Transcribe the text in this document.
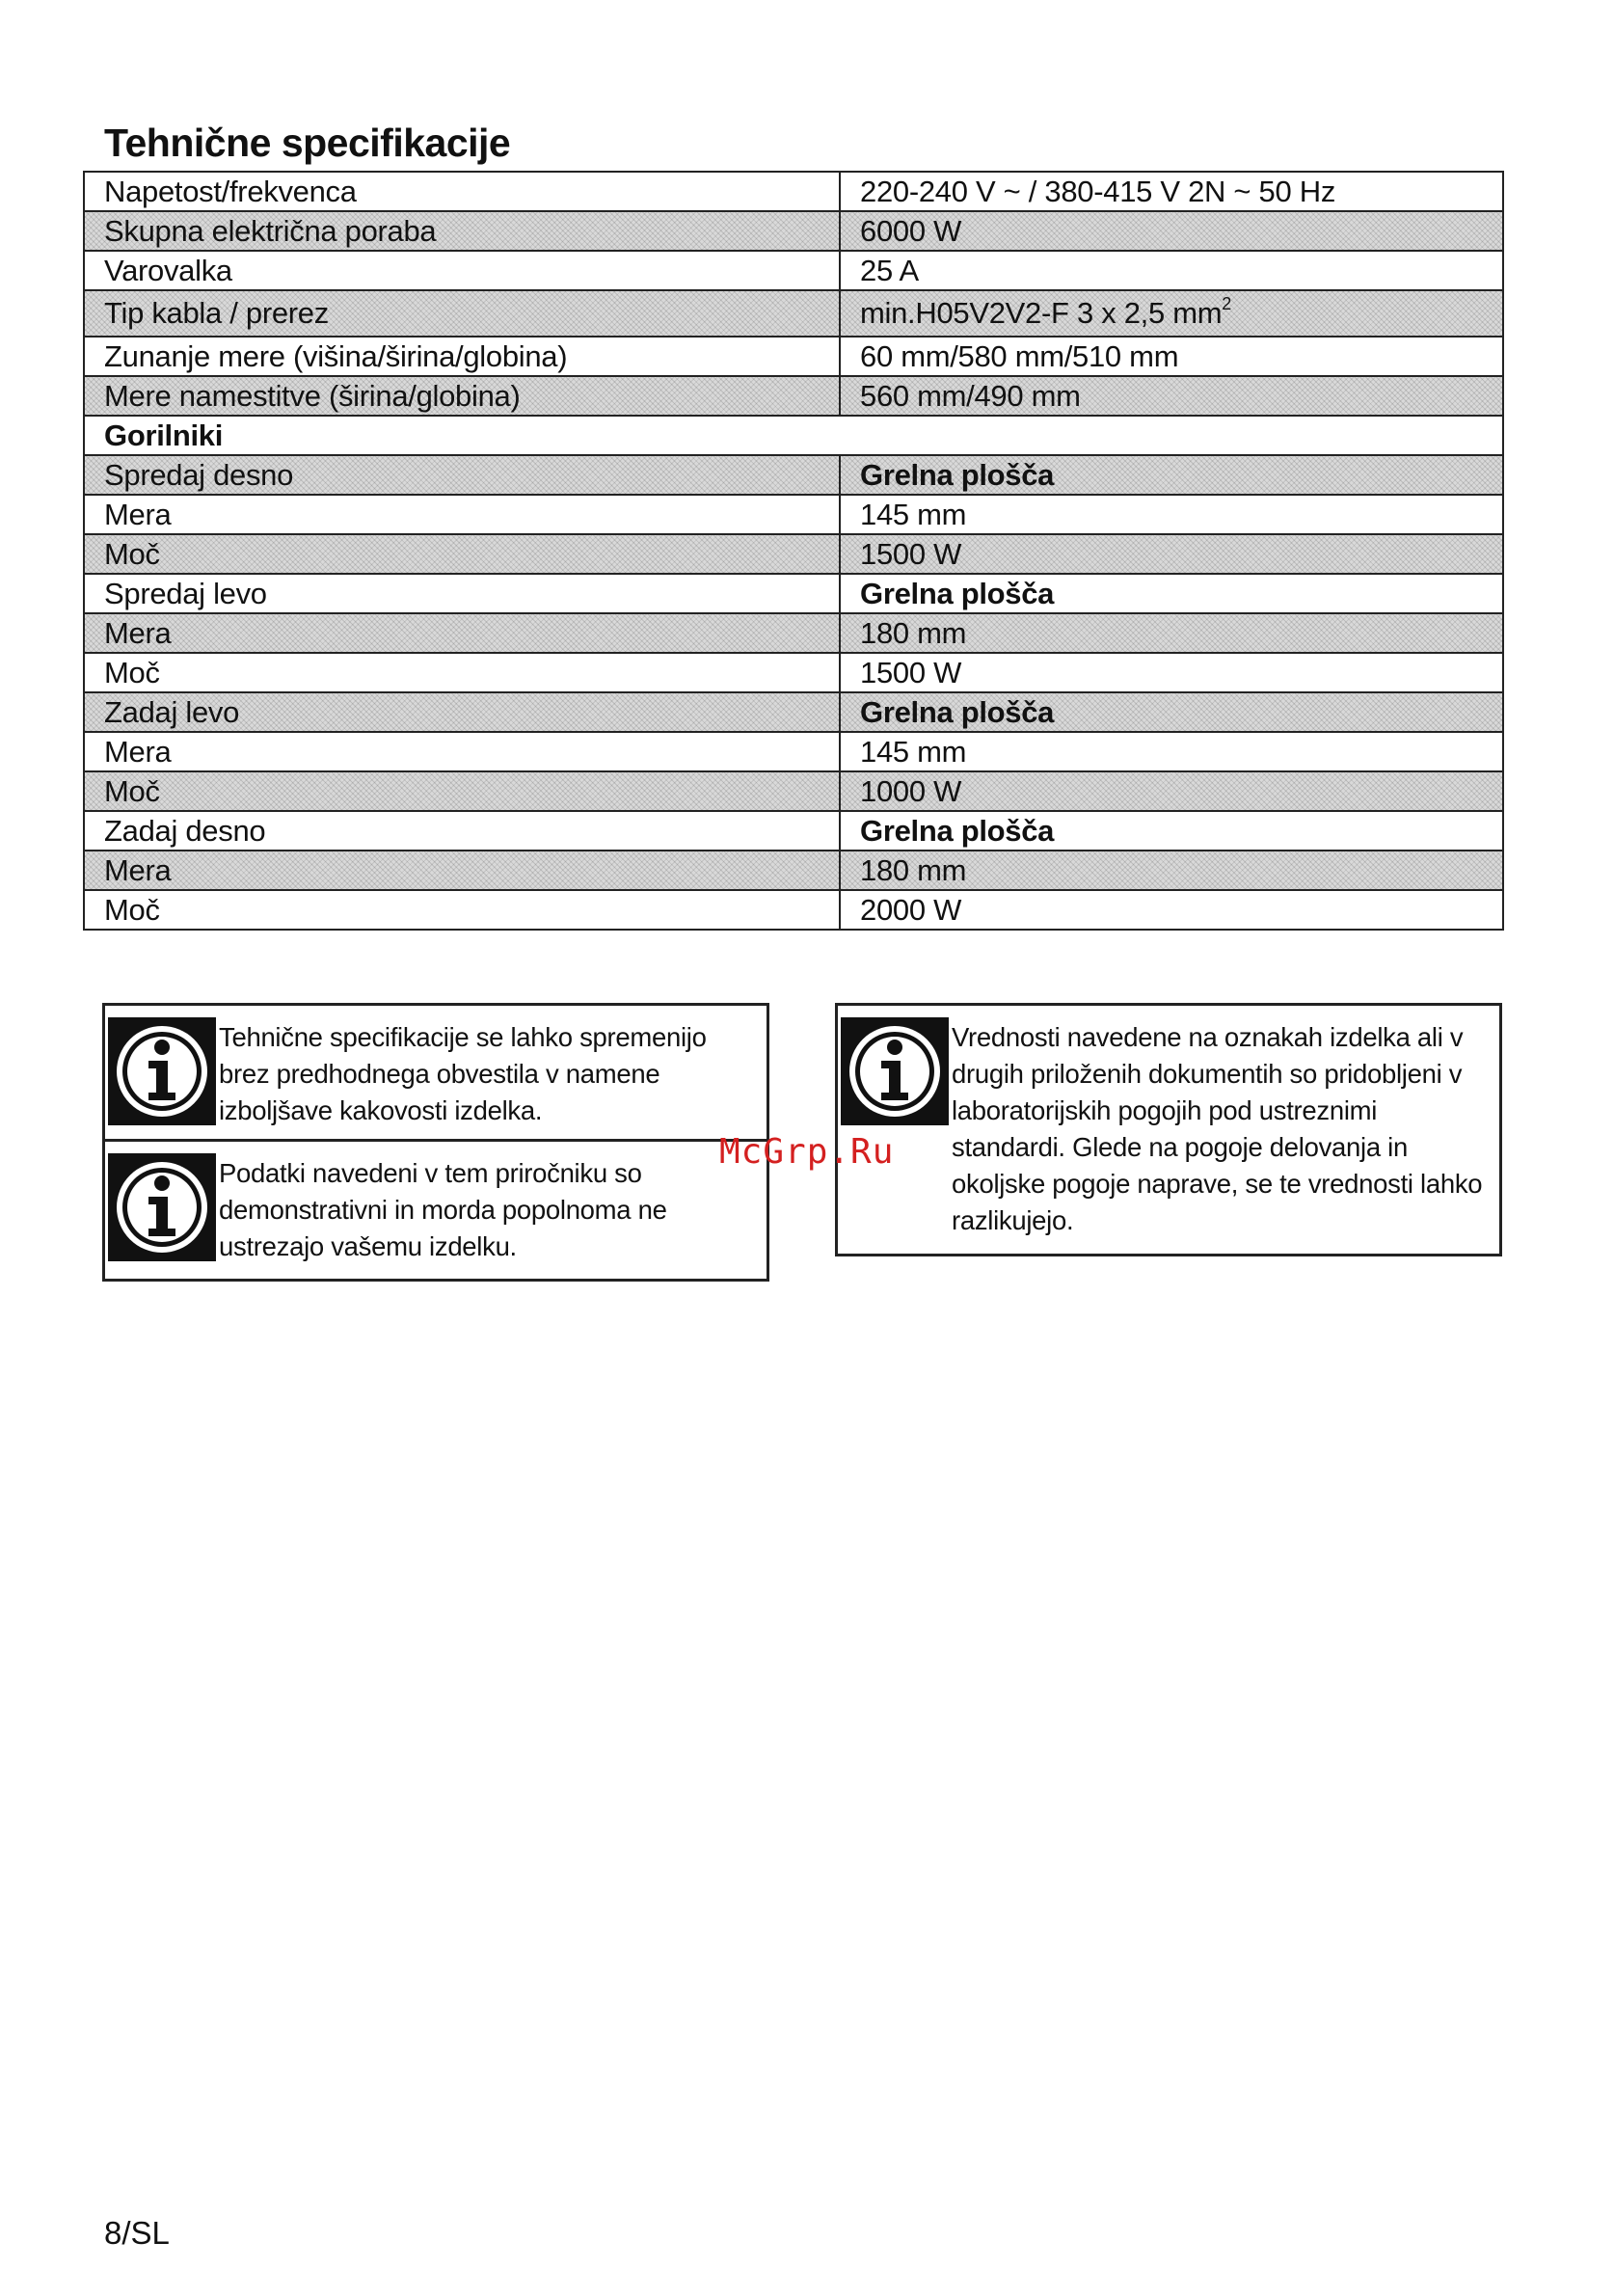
Tehnične specifikacije
Napetost/frekvenca	220-240 V ~ / 380-415 V 2N ~ 50 Hz
Skupna električna poraba	6000 W
Varovalka	25 A
Tip kabla / prerez	min.H05V2V2-F 3 x 2,5 $mm^2$
Zunanje mere (višina/širina/globina)	60 mm/580 mm/510 mm
Mere namestitve (širina/globina)	560 mm/490 mm
Gorilniki	
Spredaj desno	Grelna plošča
Mera	145 mm
Moč	1500 W
Spredaj levo	Grelna plošča
Mera	180 mm
Moč	1500 W
Zadaj levo	Grelna plošča
Mera	145 mm
Moč	1000 W
Zadaj desno	Grelna plošča
Mera	180 mm
Moč	2000 W
Tehnične specifikacije se lahko spremenijo
brez predhodnega obvestila v namene
izboljšave kakovosti izdelka.
Podatki navedeni v tem priročniku so
demonstrativni in morda popolnoma ne
ustrezajo vašemu izdelku.
Vrednosti navedene na oznakah izdelka ali v
drugih priloženih dokumentih so pridobljeni v
laboratorijskih pogojih pod ustreznimi
standardi. Glede na pogoje delovanja in
okoljske pogoje naprave, se te vrednosti lahko
razlikujejo.
McGrp.Ru
8/SL
